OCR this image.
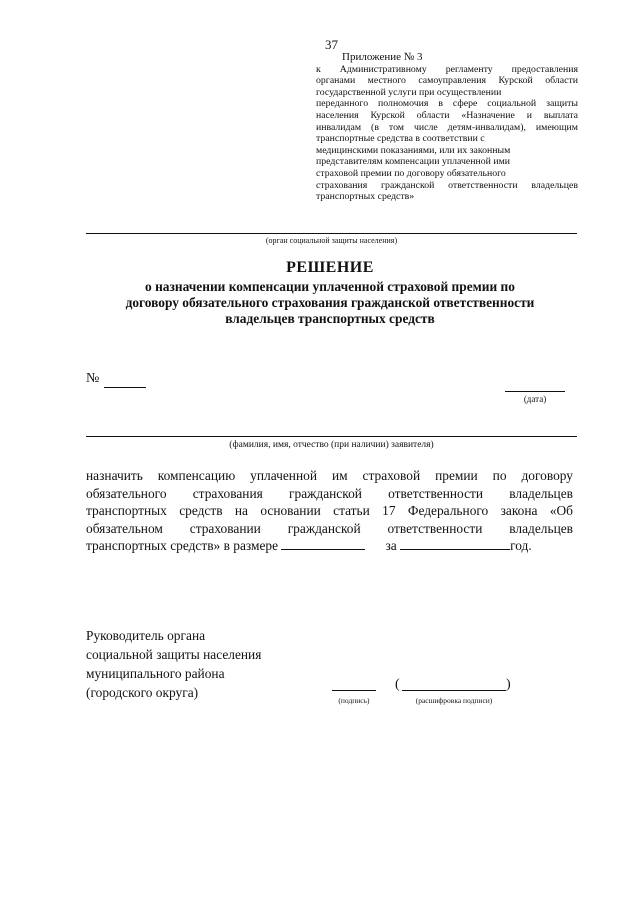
37
Приложение № 3
к Административному регламенту предоставления
органами местного самоуправления Курской области
государственной услуги при осуществлении
переданного полномочия в сфере социальной защиты
населения Курской области «Назначение и выплата
инвалидам (в том числе детям-инвалидам), имеющим
транспортные средства в соответствии с
медицинскими показаниями, или их законным
представителям компенсации уплаченной ими
страховой премии по договору обязательного
страхования гражданской ответственности владельцев
транспортных средств»
(орган социальной защиты населения)
РЕШЕНИЕ
о назначении компенсации уплаченной страховой премии по
договору обязательного страхования гражданской ответственности
владельцев транспортных средств
№
(дата)
(фамилия, имя, отчество (при наличии) заявителя)
назначить компенсацию уплаченной им страховой премии по договору
обязательного страхования гражданской ответственности владельцев
транспортных средств на основании статьи 17 Федерального закона «Об
обязательном страховании гражданской ответственности владельцев
транспортных средств» в размере	за	год.
Руководитель органа
социальной защиты населения
муниципального района
(городского округа)
(подпись)
(	)
(расшифровка подписи)
